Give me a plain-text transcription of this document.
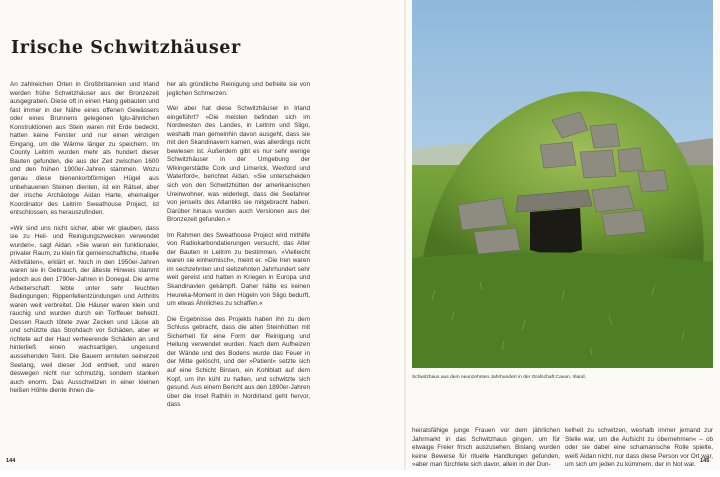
Irische Schwitzhäuser

An zahlreichen Orten in Großbritannien und Irland werden frühe Schwitzhäuser aus der Bronzezeit ausgegraben. Diese oft in einen Hang gebauten und fast immer in der Nähe eines offenen Gewässers oder eines Brunnens gelegenen Iglu-ähnlichen Konstruktionen aus Stein waren mit Erde bedeckt, hatten keine Fenster und nur einen winzigen Eingang, um die Wärme länger zu speichern. Im County Leitrim wurden mehr als hundert dieser Bauten gefunden, die aus der Zeit zwischen 1600 und den frühen 1900er-Jahren stammen. Wozu genau diese bienenkorbförmigen Hügel aus unbehauenen Steinen dienten, ist ein Rätsel, aber der irische Archäologe Aidan Harte, ehemaliger Koordinator des Leitrim Sweathouse Project, ist entschlossen, es herauszufinden.

»Wir sind uns nicht sicher, aber wir glauben, dass sie zu Heil- und Reinigungszwecken verwendet wurden«, sagt Aidan. »Sie waren ein funktionaler, privater Raum, zu klein für gemeinschaftliche, rituelle Aktivitäten«, erklärt er. Noch in den 1950er-Jahren waren sie in Gebrauch, der älteste Hinweis stammt jedoch aus den 1790er-Jahren in Donegal. Die arme Arbeiterschaft lebte unter sehr feuchten Bedingungen; Rippenfellentzündungen und Arthritis waren weit verbreitet. Die Häuser waren klein und rauchig und wurden durch ein Torffeuer beheizt. Dessen Rauch tötete zwar Zecken und Läuse ab und schützte das Strohdach vor Schäden, aber er richtete auf der Haut verheerende Schäden an und hinterließ einen wachsartigen, ungesund aussehenden Teint. Die Bauern ernteten seinerzeit Seetang, weil dieser Jod enthielt, und waren deswegen nicht nur schmutzig, sondern stanken auch enorm. Das Ausschwitzen in einer kleinen heißen Höhle diente ihnen da-

her als gründliche Reinigung und befreite sie von jeglichen Schmerzen.

Wer aber hat diese Schwitzhäuser in Irland eingeführt? »Die meisten befinden sich im Nordwesten des Landes, in Leitrim und Sligo, weshalb man gemeinhin davon ausgeht, dass sie mit den Skandinavern kamen, was allerdings nicht bewiesen ist. Außerdem gibt es nur sehr wenige Schwitzhäuser in der Umgebung der Wikingerstädte Cork und Limerick, Wexford und Waterford«, berichtet Aidan. »Sie unterscheiden sich von den Schwitzhütten der amerikanischen Ureinwohner, was widerlegt, dass die Seefahrer von jenseits des Atlantiks sie mitgebracht haben. Darüber hinaus wurden auch Versionen aus der Bronzezeit gefunden.«

Im Rahmen des Sweathouse Project wird mithilfe von Radiokarbondatierungen versucht, das Alter der Bauten in Leitrim zu bestimmen. »Vielleicht waren sie einheimisch«, meint er. »Die Iren waren im sechzehnten und siebzehnten Jahrhundert sehr weit gereist und hatten in Kriegen in Europa und Skandinavien gekämpft. Daher hätte es keinen Heureka-Moment in den Hügeln von Sligo bedurft, um etwas Ähnliches zu schaffen.«

Die Ergebnisse des Projekts haben ihn zu dem Schluss gebracht, dass die alten Steinhütten mit Sicherheit für eine Form der Reinigung und Heilung verwendet wurden. Nach dem Aufheizen der Wände und des Bodens wurde das Feuer in der Mitte gelöscht, und der »Patient« setzte sich auf eine Schicht Binsen, ein Kohlblatt auf dem Kopf, um ihn kühl zu halten, und schwitzte sich gesund. Aus einem Bericht aus den 1890er-Jahren über die Insel Rathlin in Nordirland geht hervor, dass

Schwitzhaus aus dem neunzehnten Jahrhundert in der Grafschaft Cavan, Irland.

heiratsfähige junge Frauen vor dem jährlichen Jahrmarkt in das Schwitzhaus gingen, um für etwaige Freier frisch auszusehen. Bislang wurden keine Beweise für rituelle Handlungen gefunden, »aber man fürchtete sich davor, allein in der Dun-

kelheit zu schwitzen, weshalb immer jemand zur Stelle war, um die Aufsicht zu übernehmen« – ob oder sie dabei eine schamanische Rolle spielte, weiß Aidan nicht, nur dass diese Person vor Ort war, um sich um jeden zu kümmern, der in Not war.

144	145
